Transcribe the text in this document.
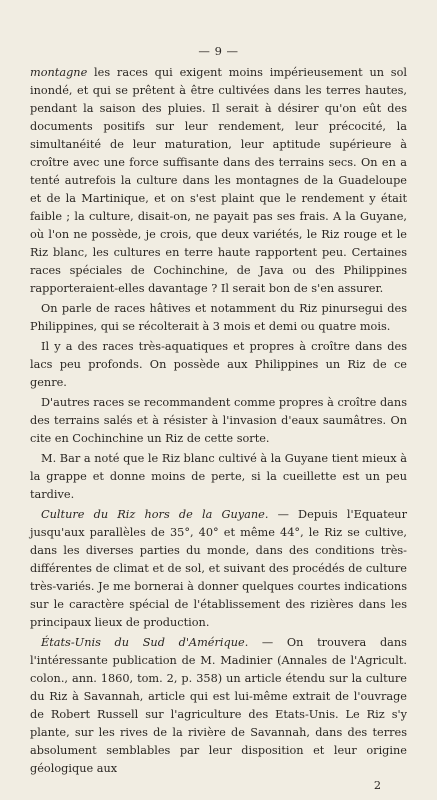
— 9 —

montagne les races qui exigent moins impérieusement un sol inondé, et qui se prêtent à être cultivées dans les terres hautes, pendant la saison des pluies. Il serait à désirer qu'on eût des documents positifs sur leur rendement, leur précocité, la simultanéité de leur maturation, leur aptitude supérieure à croître avec une force suffisante dans des terrains secs. On en a tenté autrefois la culture dans les montagnes de la Guadeloupe et de la Martinique, et on s'est plaint que le rendement y était faible ; la culture, disait-on, ne payait pas ses frais. A la Guyane, où l'on ne possède, je crois, que deux variétés, le Riz rouge et le Riz blanc, les cultures en terre haute rapportent peu. Certaines races spéciales de Cochinchine, de Java ou des Philippines rapporteraient-elles davantage ? Il serait bon de s'en assurer.

On parle de races hâtives et notamment du Riz pinursegui des Philippines, qui se récolterait à 3 mois et demi ou quatre mois.

Il y a des races très-aquatiques et propres à croître dans des lacs peu profonds. On possède aux Philippines un Riz de ce genre.

D'autres races se recommandent comme propres à croître dans des terrains salés et à résister à l'invasion d'eaux saumâtres. On cite en Cochinchine un Riz de cette sorte.

M. Bar a noté que le Riz blanc cultivé à la Guyane tient mieux à la grappe et donne moins de perte, si la cueillette est un peu tardive.

Culture du Riz hors de la Guyane. — Depuis l'Equateur jusqu'aux parallèles de 35°, 40° et même 44°, le Riz se cultive, dans les diverses parties du monde, dans des conditions très-différentes de climat et de sol, et suivant des procédés de culture très-variés. Je me bornerai à donner quelques courtes indications sur le caractère spécial de l'établissement des rizières dans les principaux lieux de production.

États-Unis du Sud d'Amérique. — On trouvera dans l'intéressante publication de M. Madinier (Annales de l'Agricult. colon., ann. 1860, tom. 2, p. 358) un article étendu sur la culture du Riz à Savannah, article qui est lui-même extrait de l'ouvrage de Robert Russell sur l'agriculture des Etats-Unis. Le Riz s'y plante, sur les rives de la rivière de Savannah, dans des terres absolument semblables par leur disposition et leur origine géologique aux

2
